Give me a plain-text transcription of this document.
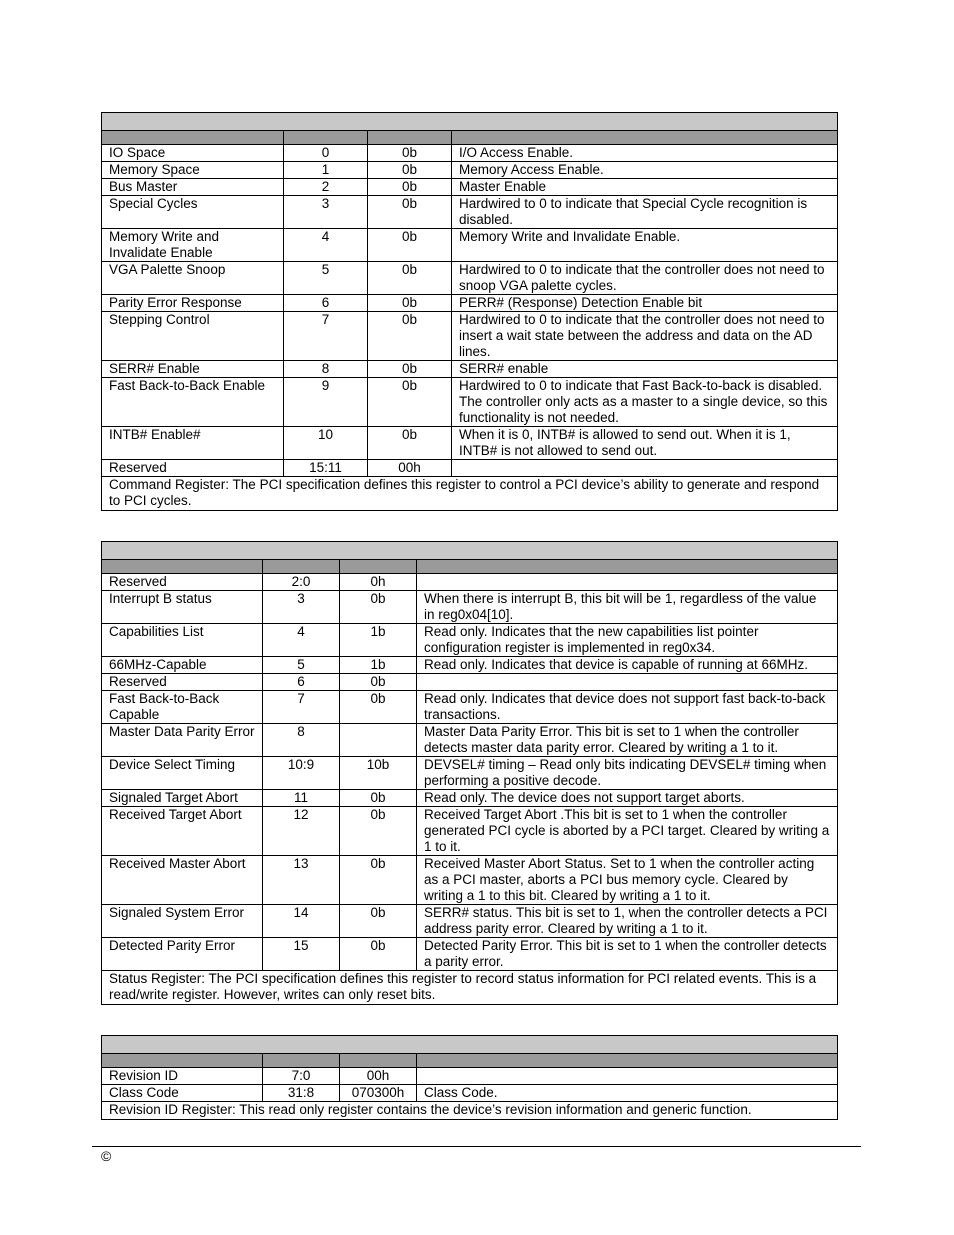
IO Space	0	0b	I/O Access Enable.
Memory Space	1	0b	Memory Access Enable.
Bus Master	2	0b	Master Enable
Special Cycles	3	0b	Hardwired to 0 to indicate that Special Cycle recognition is disabled.
Memory Write and Invalidate Enable	4	0b	Memory Write and Invalidate Enable.
VGA Palette Snoop	5	0b	Hardwired to 0 to indicate that the controller does not need to snoop VGA palette cycles.
Parity Error Response	6	0b	PERR# (Response) Detection Enable bit
Stepping Control	7	0b	Hardwired to 0 to indicate that the controller does not need to insert a wait state between the address and data on the AD lines.
SERR# Enable	8	0b	SERR# enable
Fast Back-to-Back Enable	9	0b	Hardwired to 0 to indicate that Fast Back-to-back is disabled. The controller only acts as a master to a single device, so this functionality is not needed.
INTB# Enable#	10	0b	When it is 0, INTB# is allowed to send out. When it is 1, INTB# is not allowed to send out.
Reserved	15:11	00h	
Command Register: The PCI specification defines this register to control a PCI device’s ability to generate and respond to PCI cycles.			

Reserved	2:0	0h	
Interrupt B status	3	0b	When there is interrupt B, this bit will be 1, regardless of the value in reg0x04[10].
Capabilities List	4	1b	Read only. Indicates that the new capabilities list pointer configuration register is implemented in reg0x34.
66MHz-Capable	5	1b	Read only. Indicates that device is capable of running at 66MHz.
Reserved	6	0b	
Fast Back-to-Back Capable	7	0b	Read only. Indicates that device does not support fast back-to-back transactions.
Master Data Parity Error	8		Master Data Parity Error. This bit is set to 1 when the controller detects master data parity error. Cleared by writing a 1 to it.
Device Select Timing	10:9	10b	DEVSEL# timing – Read only bits indicating DEVSEL# timing when performing a positive decode.
Signaled Target Abort	11	0b	Read only. The device does not support target aborts.
Received Target Abort	12	0b	Received Target Abort .This bit is set to 1 when the controller generated PCI cycle is aborted by a PCI target. Cleared by writing a 1 to it.
Received Master Abort	13	0b	Received Master Abort Status. Set to 1 when the controller acting as a PCI master, aborts a PCI bus memory cycle. Cleared by writing a 1 to this bit. Cleared by writing a 1 to it.
Signaled System Error	14	0b	SERR# status. This bit is set to 1, when the controller detects a PCI address parity error. Cleared by writing a 1 to it.
Detected Parity Error	15	0b	Detected Parity Error. This bit is set to 1 when the controller detects a parity error.
Status Register: The PCI specification defines this register to record status information for PCI related events. This is a read/write register. However, writes can only reset bits.			

Revision ID	7:0	00h	
Class Code	31:8	070300h	Class Code.
Revision ID Register: This read only register contains the device’s revision information and generic function.			
©
